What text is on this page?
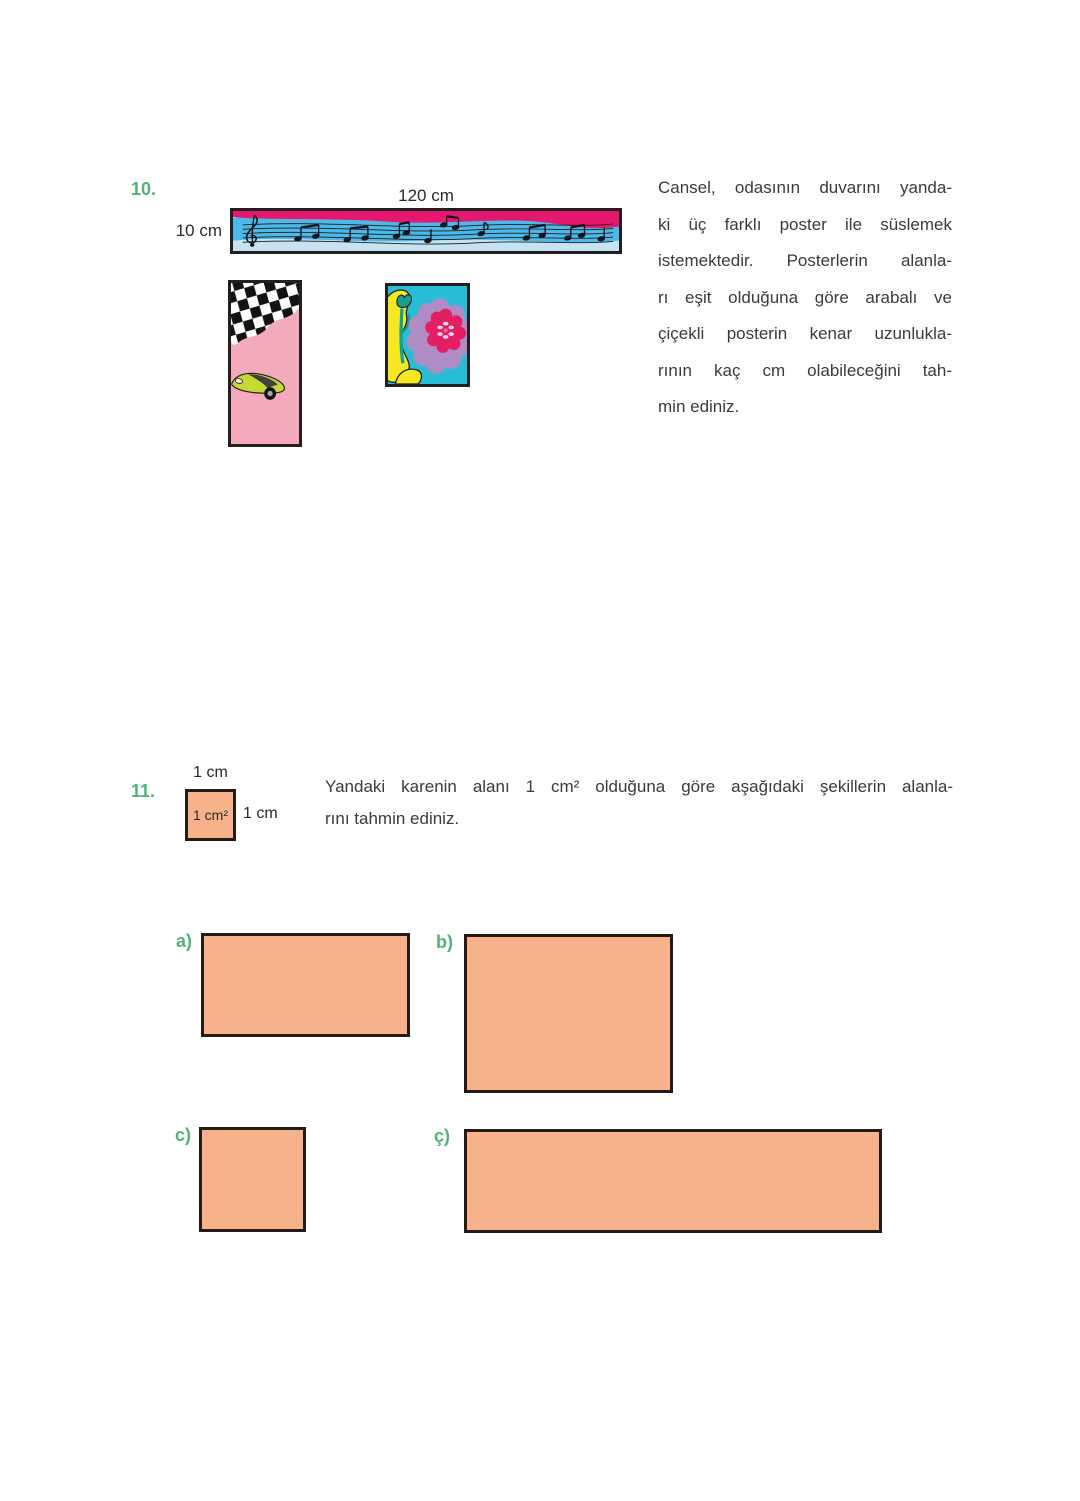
10.	120 cm
10 cm
Cansel, odasının duvarını yanda-
ki üç farklı poster ile süslemek
istemektedir. Posterlerin alanla-
rı eşit olduğuna göre arabalı ve
çiçekli posterin kenar uzunlukla-
rının kaç cm olabileceğini tah-
min ediniz.
11.
1 cm
1 cm² 1 cm
Yandaki karenin alanı 1 cm² olduğuna göre aşağıdaki şekillerin alanla-
rını tahmin ediniz.
a)	b)
c)	ç)
